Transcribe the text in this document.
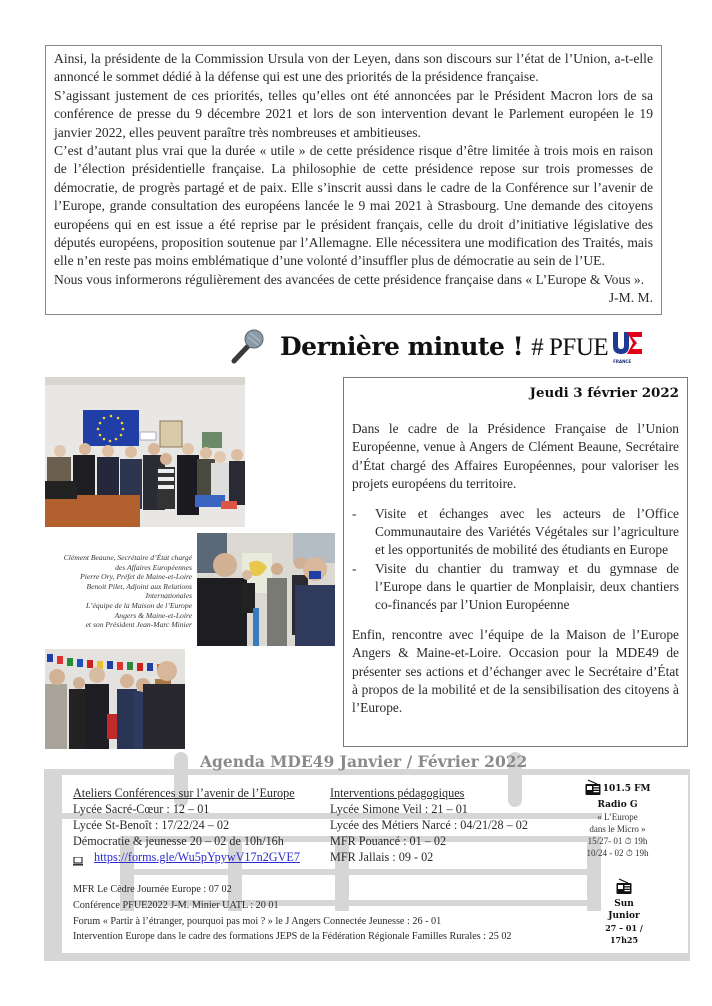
Ainsi, la présidente de la Commission Ursula von der Leyen, dans son discours sur l’état de l’Union, a-t-elle annoncé le sommet dédié à la défense qui est une des priorités de la présidence française.

S’agissant justement de ces priorités, telles qu’elles ont été annoncées par le Président Macron lors de sa conférence de presse du 9 décembre 2021 et lors de son intervention devant le Parlement européen le 19 janvier 2022, elles peuvent paraître très nombreuses et ambitieuses.

C’est d’autant plus vrai que la durée « utile » de cette présidence risque d’être limitée à trois mois en raison de l’élection présidentielle française. La philosophie de cette présidence repose sur trois promesses de démocratie, de progrès partagé et de paix. Elle s’inscrit aussi dans le cadre de la Conférence sur l’avenir de l’Europe, grande consultation des européens lancée le 9 mai 2021 à Strasbourg. Une demande des citoyens européens qui en est issue a été reprise par le président français, celle du droit d’initiative législative des députés européens, proposition soutenue par l’Allemagne. Elle nécessitera une modification des Traités, mais elle n’en reste pas moins emblématique d’une volonté d’insuffler plus de démocratie au sein de l’UE.

Nous vous informerons régulièrement des avancées de cette présidence française dans « L’Europe & Vous ».
J-M. M.

Dernière minute ! # PFUE
FRANCE
Clément Beaune, Secrétaire d’État chargé
des Affaires Européennes
Pierre Ory, Préfet de Maine-et-Loire
Benoit Pilet, Adjoint aux Relations
Internationales
L’équipe de la Maison de l’Europe
Angers & Maine-et-Loire
et son Président Jean-Marc Minier
Jeudi 3 février 2022

Dans le cadre de la Présidence Française de l’Union Européenne, venue à Angers de Clément Beaune, Secrétaire d’État chargé des Affaires Européennes, pour valoriser les projets européens du territoire.

- Visite et échanges avec les acteurs de l’Office Communautaire des Variétés Végétales sur l’agriculture et les opportunités de mobilité des étudiants en Europe
- Visite du chantier du tramway et du gymnase de l’Europe dans le quartier de Monplaisir, deux chantiers co-financés par l’Union Européenne

Enfin, rencontre avec l’équipe de la Maison de l’Europe Angers & Maine-et-Loire. Occasion pour la MDE49 de présenter ses actions et d’échanger avec le Secrétaire d’État à propos de la mobilité et de la sensibilisation des citoyens à l’Europe.

Agenda MDE49 Janvier / Février 2022
Ateliers Conférences sur l’avenir de l’Europe
Lycée Sacré-Cœur : 12 – 01
Lycée St-Benoît : 17/22/24 – 02
Démocratie & jeunesse 20 – 02 de 10h/16h
https://forms.gle/Wu5pYpywV17n2GVE7
Interventions pédagogiques
Lycée Simone Veil : 21 – 01
Lycée des Métiers Narcé : 04/21/28 – 02
MFR Pouancé : 01 – 02
MFR Jallais : 09 - 02
101.5 FM
Radio G
« L’Europe
dans le Micro »
15/27- 01 ⏱ 19h
10/24 - 02 ⏱ 19h
MFR Le Cèdre Journée Europe : 07 02
Conférence PFUE2022 J-M. Minier UATL : 20 01
Forum « Partir à l’étranger, pourquoi pas moi ? » le J Angers Connectée Jeunesse : 26 - 01
Intervention Europe dans le cadre des formations JEPS de la Fédération Régionale Familles Rurales : 25 02
Sun
Junior
27 – 01 /
17h25
